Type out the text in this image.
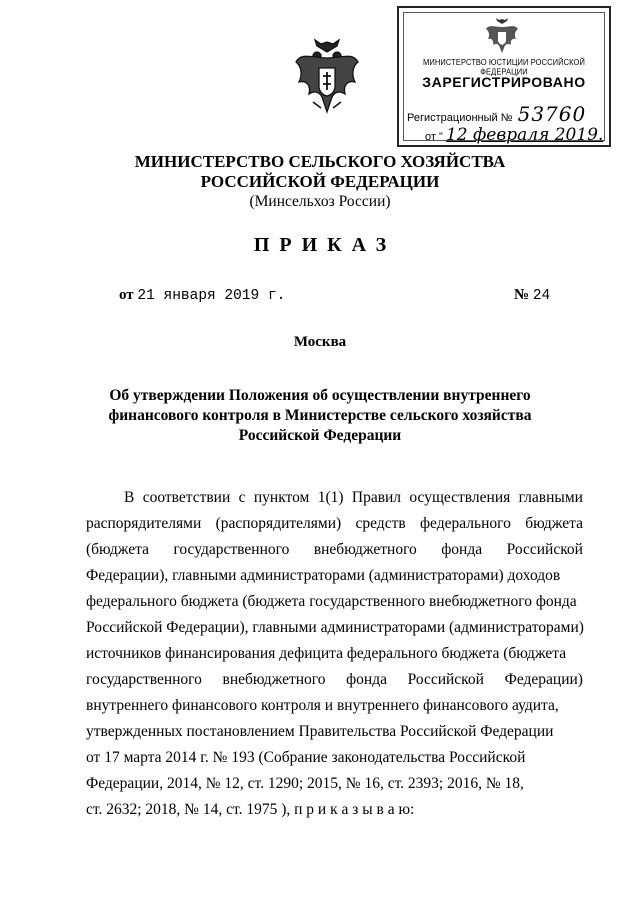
МИНИСТЕРСТВО ЮСТИЦИИ РОССИЙСКОЙ ФЕДЕРАЦИИ
ЗАРЕГИСТРИРОВАНО
Регистрационный № 53760
от " 12 февраля 2019.
МИНИСТЕРСТВО СЕЛЬСКОГО ХОЗЯЙСТВА
РОССИЙСКОЙ ФЕДЕРАЦИИ
(Минсельхоз России)
ПРИКАЗ
от 21 января 2019 г.	№ 24
Москва
Об утверждении Положения об осуществлении внутреннего
финансового контроля в Министерстве сельского хозяйства
Российской Федерации
В соответствии с пунктом 1(1) Правил осуществления главными
распорядителями (распорядителями) средств федерального бюджета
(бюджета государственного внебюджетного фонда Российской
Федерации), главными администраторами (администраторами) доходов
федерального бюджета (бюджета государственного внебюджетного фонда
Российской Федерации), главными администраторами (администраторами)
источников финансирования дефицита федерального бюджета (бюджета
государственного внебюджетного фонда Российской Федерации)
внутреннего финансового контроля и внутреннего финансового аудита,
утвержденных постановлением Правительства Российской Федерации
от 17 марта 2014 г. № 193 (Собрание законодательства Российской
Федерации, 2014, № 12, ст. 1290; 2015, № 16, ст. 2393; 2016, № 18,
ст. 2632; 2018, № 14, ст. 1975 ), п р и к а з ы в а ю:
